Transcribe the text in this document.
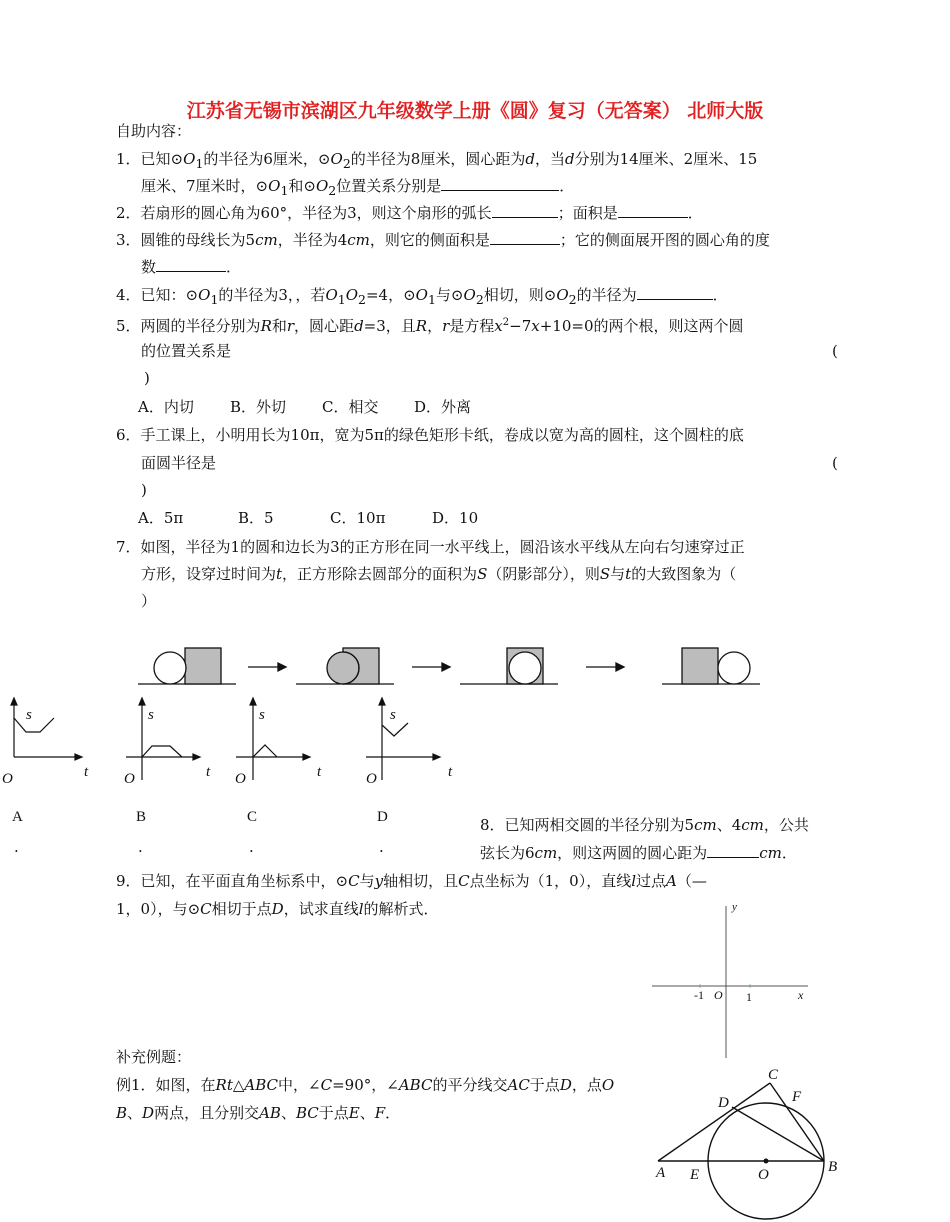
江苏省无锡市滨湖区九年级数学上册《圆》复习（无答案） 北师大版
自助内容：
1．已知$⊙O_1$的半径为6厘米，$⊙O_2$的半径为8厘米，圆心距为d，当d分别为14厘米、2厘米、15
厘米、7厘米时，$⊙O_1$和$⊙O_2$位置关系分别是	．
2．若扇形的圆心角为60°，半径为3，则这个扇形的弧长	；面积是	．
3．圆锥的母线长为5cm，半径为4cm，则它的侧面积是	；它的侧面展开图的圆心角的度
数	．
4．已知：$⊙O_1$的半径为3，，若$O_1O_2=4$，$⊙O_1$与$⊙O_2$相切，则$⊙O_2$的半径为	．
5．两圆的半径分别为R和r，圆心距d=3，且R，r是方程$x^2-7x+10=0$的两个根，则这两个圆
的位置关系是	(
)
A．内切 B．外切 C．相交 D．外离
6．手工课上，小明用长为10π，宽为5π的绿色矩形卡纸，卷成以宽为高的圆柱，这个圆柱的底
面圆半径是	(
)
A．5π	B．5	C．10π	D．10
7．如图，半径为1的圆和边长为3的正方形在同一水平线上，圆沿该水平线从左向右匀速穿过正
方形，设穿过时间为t，正方形除去圆部分的面积为S（阴影部分），则S与t的大致图象为（
）
s
O	t
s
O	t
s
O	t
s
O	t
A	B	C	D
.	.	.	.
8．已知两相交圆的半径分别为5cm、4cm，公共
弦长为6cm，则这两圆的圆心距为	cm．
9．已知，在平面直角坐标系中，⊙C与y轴相切，且C点坐标为（1，0），直线l过点A（—
1，0），与⊙C相切于点D，试求直线l的解析式．	y
x
-1 O 1
补充例题：
例1．如图，在Rt△ABC中，∠C=90°，∠ABC的平分线交AC于点D，点O
B、D两点，且分别交AB、BC于点E、F．
C
D	F
A E	O	B
